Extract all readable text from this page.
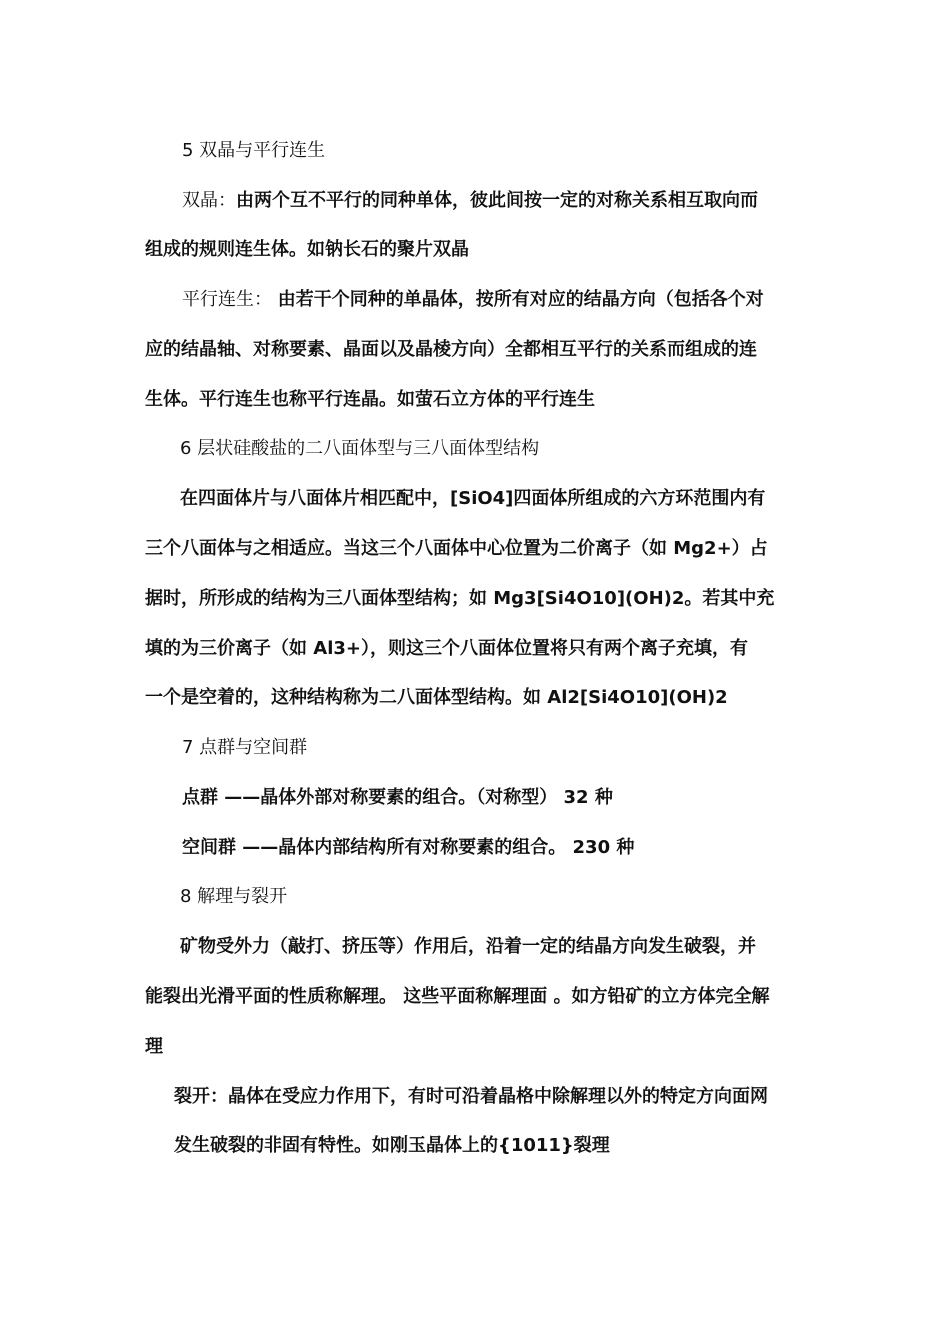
5 双晶与平行连生
双晶：由两个互不平行的同种单体，彼此间按一定的对称关系相互取向而
组成的规则连生体。如钠长石的聚片双晶
平行连生： 由若干个同种的单晶体，按所有对应的结晶方向（包括各个对
应的结晶轴、对称要素、晶面以及晶棱方向）全都相互平行的关系而组成的连
生体。平行连生也称平行连晶。如萤石立方体的平行连生
6 层状硅酸盐的二八面体型与三八面体型结构
在四面体片与八面体片相匹配中，[SiO4]四面体所组成的六方环范围内有
三个八面体与之相适应。当这三个八面体中心位置为二价离子（如 Mg2+）占
据时，所形成的结构为三八面体型结构；如 Mg3[Si4O10](OH)2。若其中充
填的为三价离子（如 Al3+），则这三个八面体位置将只有两个离子充填，有
一个是空着的，这种结构称为二八面体型结构。如 Al2[Si4O10](OH)2
7 点群与空间群
点群 ——晶体外部对称要素的组合。（对称型） 32 种
空间群 ——晶体内部结构所有对称要素的组合。 230 种
8 解理与裂开
矿物受外力（敲打、挤压等）作用后，沿着一定的结晶方向发生破裂，并
能裂出光滑平面的性质称解理。 这些平面称解理面 。如方铅矿的立方体完全解
理
裂开：晶体在受应力作用下，有时可沿着晶格中除解理以外的特定方向面网
发生破裂的非固有特性。如刚玉晶体上的{1011}裂理
